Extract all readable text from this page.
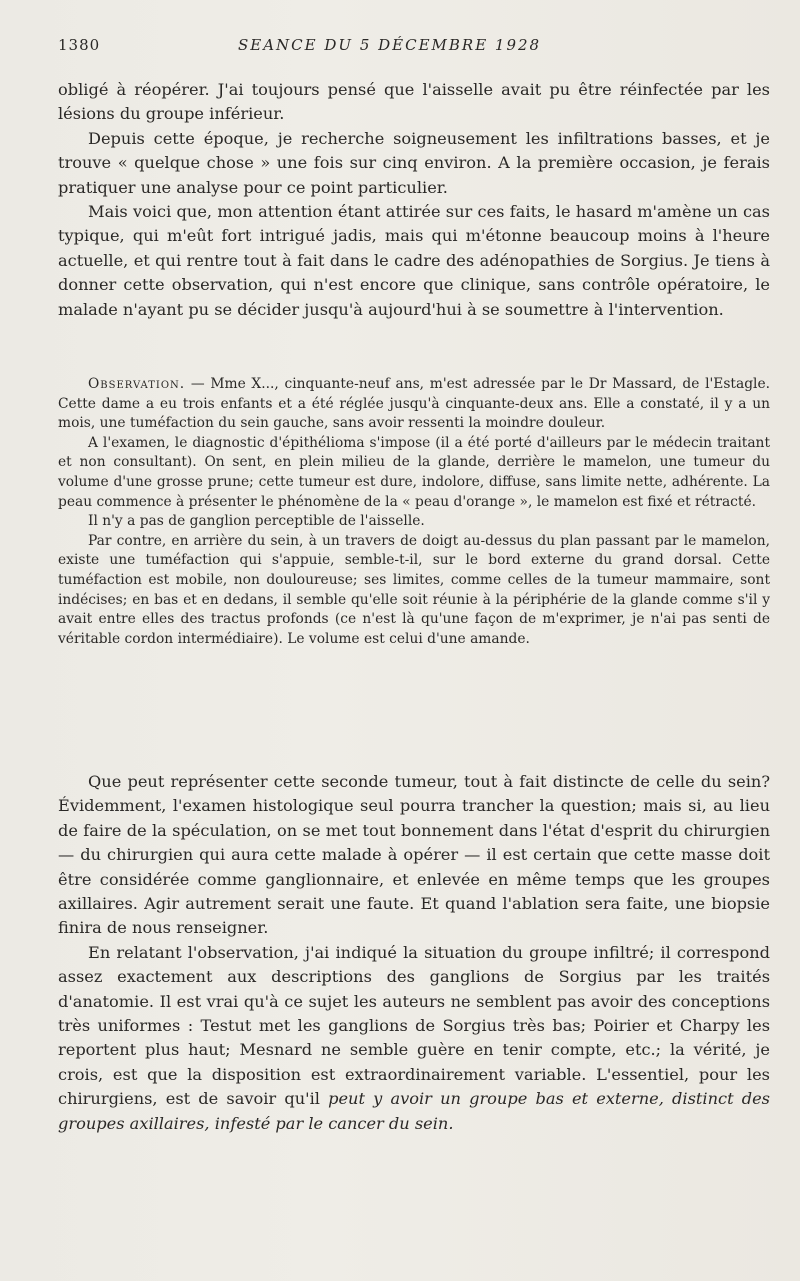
1380	SEANCE DU 5 DÉCEMBRE 1928

obligé à réopérer. J'ai toujours pensé que l'aisselle avait pu être réinfectée par les lésions du groupe inférieur.

Depuis cette époque, je recherche soigneusement les infiltrations basses, et je trouve « quelque chose » une fois sur cinq environ. A la première occasion, je ferais pratiquer une analyse pour ce point particulier.

Mais voici que, mon attention étant attirée sur ces faits, le hasard m'amène un cas typique, qui m'eût fort intrigué jadis, mais qui m'étonne beaucoup moins à l'heure actuelle, et qui rentre tout à fait dans le cadre des adénopathies de Sorgius. Je tiens à donner cette observation, qui n'est encore que clinique, sans contrôle opératoire, le malade n'ayant pu se décider jusqu'à aujourd'hui à se soumettre à l'intervention.

Observation. — Mme X..., cinquante-neuf ans, m'est adressée par le Dr Massard, de l'Estagle. Cette dame a eu trois enfants et a été réglée jusqu'à cinquante-deux ans. Elle a constaté, il y a un mois, une tuméfaction du sein gauche, sans avoir ressenti la moindre douleur.

A l'examen, le diagnostic d'épithélioma s'impose (il a été porté d'ailleurs par le médecin traitant et non consultant). On sent, en plein milieu de la glande, derrière le mamelon, une tumeur du volume d'une grosse prune; cette tumeur est dure, indolore, diffuse, sans limite nette, adhérente. La peau commence à présenter le phénomène de la « peau d'orange », le mamelon est fixé et rétracté.

Il n'y a pas de ganglion perceptible de l'aisselle.

Par contre, en arrière du sein, à un travers de doigt au-dessus du plan passant par le mamelon, existe une tuméfaction qui s'appuie, semble-t-il, sur le bord externe du grand dorsal. Cette tuméfaction est mobile, non douloureuse; ses limites, comme celles de la tumeur mammaire, sont indécises; en bas et en dedans, il semble qu'elle soit réunie à la périphérie de la glande comme s'il y avait entre elles des tractus profonds (ce n'est là qu'une façon de m'exprimer, je n'ai pas senti de véritable cordon intermédiaire). Le volume est celui d'une amande.

Que peut représenter cette seconde tumeur, tout à fait distincte de celle du sein? Évidemment, l'examen histologique seul pourra trancher la question; mais si, au lieu de faire de la spéculation, on se met tout bonnement dans l'état d'esprit du chirurgien — du chirurgien qui aura cette malade à opérer — il est certain que cette masse doit être considérée comme ganglionnaire, et enlevée en même temps que les groupes axillaires. Agir autrement serait une faute. Et quand l'ablation sera faite, une biopsie finira de nous renseigner.

En relatant l'observation, j'ai indiqué la situation du groupe infiltré; il correspond assez exactement aux descriptions des ganglions de Sorgius par les traités d'anatomie. Il est vrai qu'à ce sujet les auteurs ne semblent pas avoir des conceptions très uniformes : Testut met les ganglions de Sorgius très bas; Poirier et Charpy les reportent plus haut; Mesnard ne semble guère en tenir compte, etc.; la vérité, je crois, est que la disposition est extraordinairement variable. L'essentiel, pour les chirurgiens, est de savoir qu'il peut y avoir un groupe bas et externe, distinct des groupes axillaires, infesté par le cancer du sein.
